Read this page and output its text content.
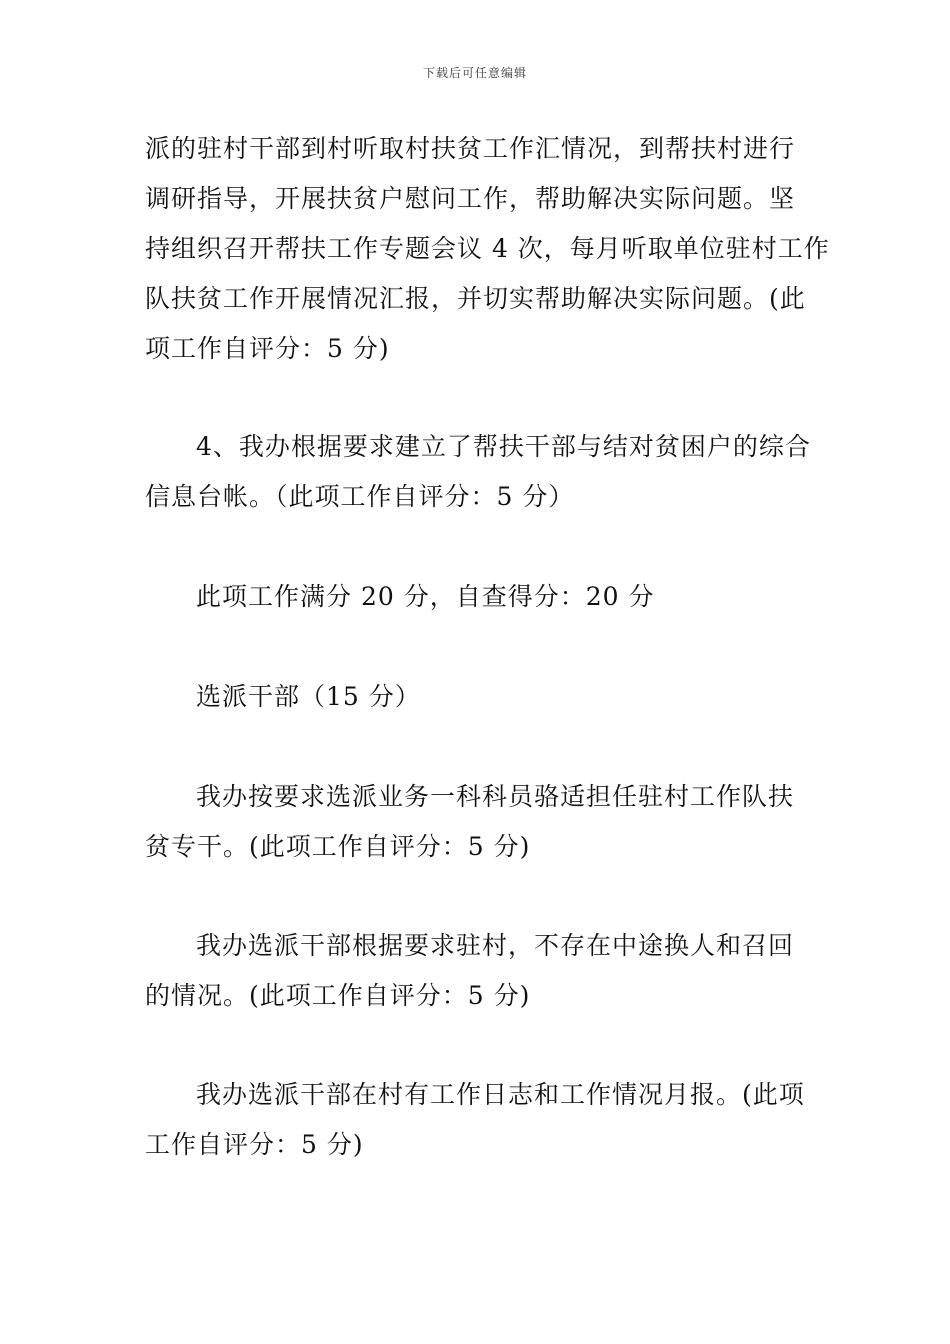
下载后可任意编辑
派的驻村干部到村听取村扶贫工作汇情况，到帮扶村进行
调研指导，开展扶贫户慰问工作，帮助解决实际问题。坚
持组织召开帮扶工作专题会议 4 次，每月听取单位驻村工作
队扶贫工作开展情况汇报，并切实帮助解决实际问题。(此
项工作自评分：5 分)
4、我办根据要求建立了帮扶干部与结对贫困户的综合
信息台帐。（此项工作自评分：5 分）
此项工作满分 20 分，自查得分：20 分
选派干部（15 分）
我办按要求选派业务一科科员骆适担任驻村工作队扶
贫专干。(此项工作自评分：5 分)
我办选派干部根据要求驻村，不存在中途换人和召回
的情况。(此项工作自评分：5 分)
我办选派干部在村有工作日志和工作情况月报。(此项
工作自评分：5 分)
